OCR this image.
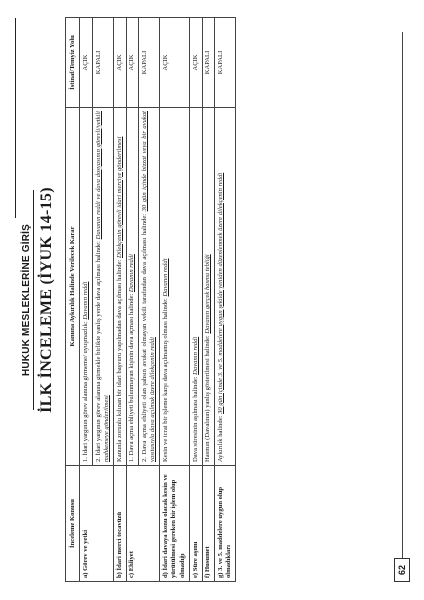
HUKUK MESLEKLERİNE GİRİŞ İLK İNCELEME (İYUK 14-15)
İnceleme Konusu	Kanuna Aykırılık Halinde Verilecek Karar	İstinaf/Temyiz Yolu
a) Görev ve yetki	1. İdari yargının görev alanına girmeme/ uyuşmazlık: Davanın reddi	AÇIK
	2. İdari yargının görev alanına girmekle birlikte yanlış yerde dava açılması halinde: Davanın reddi ve dava dosyasının görevli/yetkili mahkemeye gönderilmesi	KAPALI
b) İdari merci tecavüzü	Kanunla zorunlu kılınan bir idari başvuru yapılmadan dava açılması halinde: Dilekçenin görevli idari merciye gönderilmesi	AÇIK
c) Ehliyet	1. Dava açma ehliyeti bulunmayan kişinin dava açması halinde: Davanın reddi	AÇIK
	2. Dava açma ehliyeti olan şahsın avukat olmayan vekili tarafından dava açılması halinde: 30 gün içinde bizzat veya bir avukat vasıtasıyla dava açılmak üzere dilekçenin reddi	KAPALI
d) İdari davaya konu olacak kesin ve yürütülmesi gereken bir işlem olup olmadığı	Kesin ve icrai bir işleme karşı dava açılmamış olması halinde: Davanın reddi	AÇIK
e) Süre aşımı	Dava süresinin aşılması halinde: Davanın reddi	AÇIK
f) Husumet	Hasmın (Davalının) yanlış gösterilmesi halinde: Davanın gerçek hasma tebliği	KAPALI
g) 3. ve 5. maddelere uygun olup olmadıkları	Aykırılık halinde: 30 gün içinde 3. ve 5. maddelere uygun şekilde yeniden düzenlenmek üzere dilekçenin reddi	KAPALI
62
